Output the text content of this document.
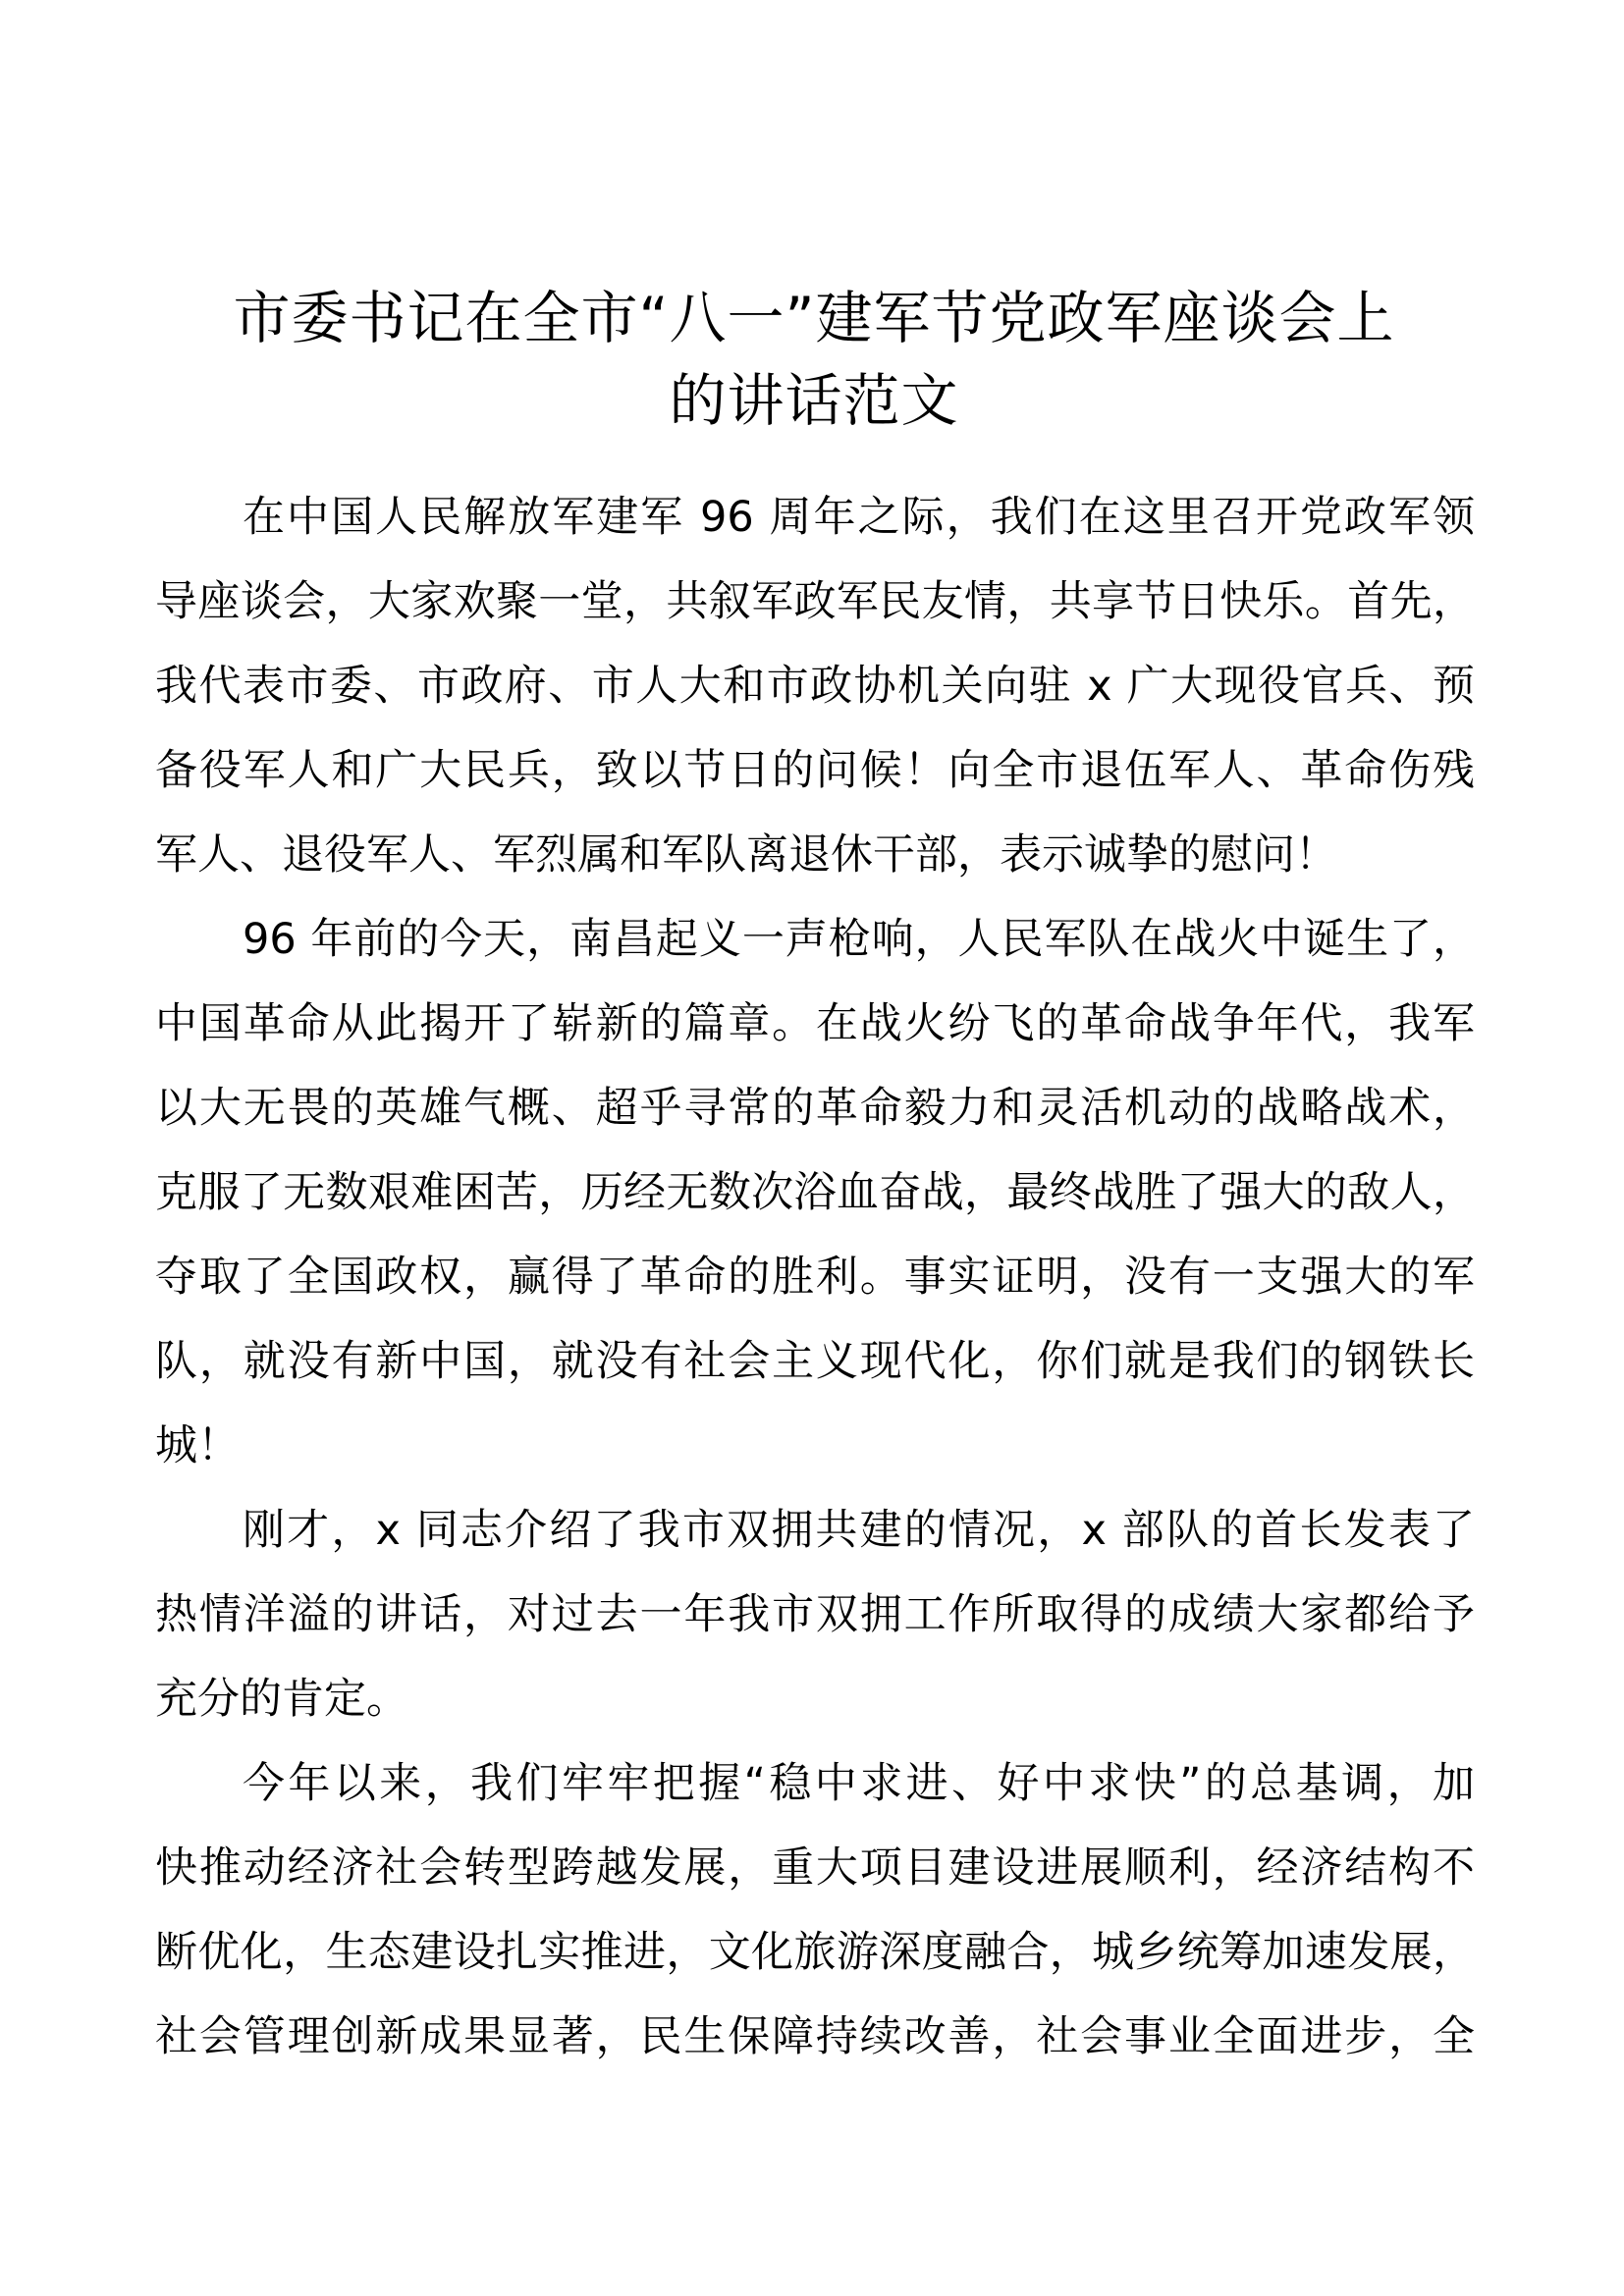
市委书记在全市“八一”建军节党政军座谈会上
的讲话范文
在中国人民解放军建军 96 周年之际，我们在这里召开党政军领
导座谈会，大家欢聚一堂，共叙军政军民友情，共享节日快乐。首先，
我代表市委、市政府、市人大和市政协机关向驻 x 广大现役官兵、预
备役军人和广大民兵，致以节日的问候！向全市退伍军人、革命伤残
军人、退役军人、军烈属和军队离退休干部，表示诚挚的慰问！
96 年前的今天，南昌起义一声枪响，人民军队在战火中诞生了，
中国革命从此揭开了崭新的篇章。在战火纷飞的革命战争年代，我军
以大无畏的英雄气概、超乎寻常的革命毅力和灵活机动的战略战术，
克服了无数艰难困苦，历经无数次浴血奋战，最终战胜了强大的敌人，
夺取了全国政权，赢得了革命的胜利。事实证明，没有一支强大的军
队，就没有新中国，就没有社会主义现代化，你们就是我们的钢铁长
城！
刚才，x 同志介绍了我市双拥共建的情况，x 部队的首长发表了
热情洋溢的讲话，对过去一年我市双拥工作所取得的成绩大家都给予
充分的肯定。
今年以来，我们牢牢把握“稳中求进、好中求快”的总基调，加
快推动经济社会转型跨越发展，重大项目建设进展顺利，经济结构不
断优化，生态建设扎实推进，文化旅游深度融合，城乡统筹加速发展，
社会管理创新成果显著，民生保障持续改善，社会事业全面进步，全
